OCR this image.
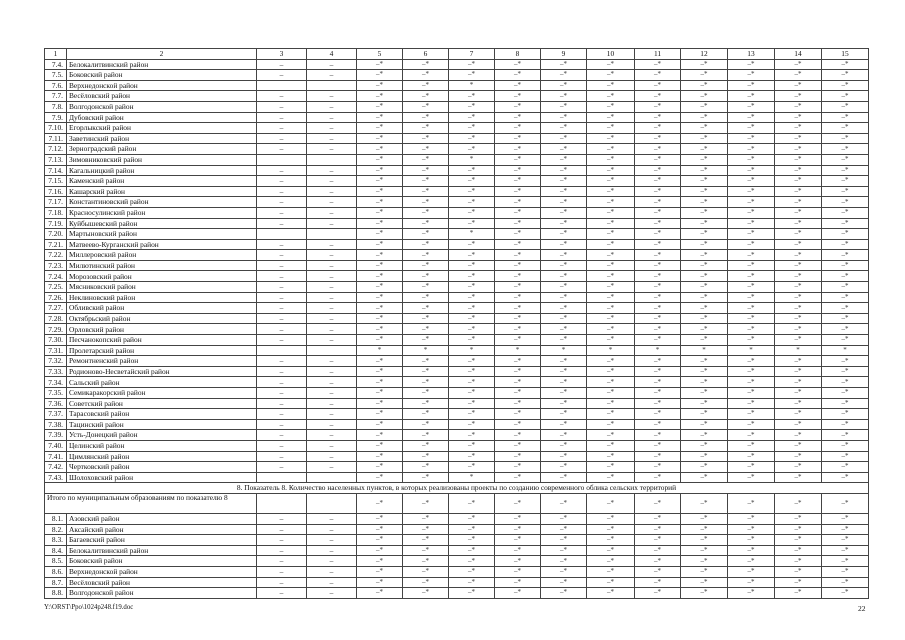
1	2	3	4	5	6	7	8	9	10	11	12	13	14	15
7.4.	Белокалитвинский район	–	–	–*	–*	–*	–*	–*	–*	–*	–*	–*	–*	–*
7.5.	Боковский район	–	–	–*	–*	–*	–*	–*	–*	–*	–*	–*	–*	–*
7.6.	Верхнедонской район			–*	–*	*	–*	–*	–*	–*	–*	–*	–*	–*
7.7.	Весёловский район	–	–	–*	–*	–*	–*	–*	–*	–*	–*	–*	–*	–*
7.8.	Волгодонской район	–	–	–*	–*	–*	–*	–*	–*	–*	–*	–*	–*	–*
7.9.	Дубовский район	–	–	–*	–*	–*	–*	–*	–*	–*	–*	–*	–*	–*
7.10.	Егорлыкский район	–	–	–*	–*	–*	–*	–*	–*	–*	–*	–*	–*	–*
7.11.	Заветинский район	–	–	–*	–*	–*	–*	–*	–*	–*	–*	–*	–*	–*
7.12.	Зерноградский район	–	–	–*	–*	–*	–*	–*	–*	–*	–*	–*	–*	–*
7.13.	Зимовниковский район			–*	–*	*	–*	–*	–*	–*	–*	–*	–*	–*
7.14.	Кагальницкий район	–	–	–*	–*	–*	–*	–*	–*	–*	–*	–*	–*	–*
7.15.	Каменский район	–	–	–*	–*	–*	–*	–*	–*	–*	–*	–*	–*	–*
7.16.	Кашарский район	–	–	–*	–*	–*	–*	–*	–*	–*	–*	–*	–*	–*
7.17.	Константиновский район	–	–	–*	–*	–*	–*	–*	–*	–*	–*	–*	–*	–*
7.18.	Красносулинский район	–	–	–*	–*	–*	–*	–*	–*	–*	–*	–*	–*	–*
7.19.	Куйбышевский район	–	–	–*	–*	–*	–*	–*	–*	–*	–*	–*	–*	–*
7.20.	Мартыновский район			–*	–*	*	–*	–*	–*	–*	–*	–*	–*	–*
7.21.	Матвеево-Курганский район	–	–	–*	–*	–*	–*	–*	–*	–*	–*	–*	–*	–*
7.22.	Миллеровский район	–	–	–*	–*	–*	–*	–*	–*	–*	–*	–*	–*	–*
7.23.	Милютинский район	–	–	–*	–*	–*	–*	–*	–*	–*	–*	–*	–*	–*
7.24.	Морозовский район	–	–	–*	–*	–*	–*	–*	–*	–*	–*	–*	–*	–*
7.25.	Мясниковский район	–	–	–*	–*	–*	–*	–*	–*	–*	–*	–*	–*	–*
7.26.	Неклиновский район	–	–	–*	–*	–*	–*	–*	–*	–*	–*	–*	–*	–*
7.27.	Обливский район	–	–	–*	–*	–*	–*	–*	–*	–*	–*	–*	–*	–*
7.28.	Октябрьский район	–	–	–*	–*	–*	–*	–*	–*	–*	–*	–*	–*	–*
7.29.	Орловский район	–	–	–*	–*	–*	–*	–*	–*	–*	–*	–*	–*	–*
7.30.	Песчанокопский район	–	–	–*	–*	–*	–*	–*	–*	–*	–*	–*	–*	–*
7.31.	Пролетарский район			*	*	*	*	*	*	*	*	*	*	*
7.32.	Ремонтненский район	–	–	–*	–*	–*	–*	–*	–*	–*	–*	–*	–*	–*
7.33.	Родионово-Несветайский район	–	–	–*	–*	–*	–*	–*	–*	–*	–*	–*	–*	–*
7.34.	Сальский район	–	–	–*	–*	–*	–*	–*	–*	–*	–*	–*	–*	–*
7.35.	Семикаракорский район	–	–	–*	–*	–*	–*	–*	–*	–*	–*	–*	–*	–*
7.36.	Советский район	–	–	–*	–*	–*	–*	–*	–*	–*	–*	–*	–*	–*
7.37.	Тарасовский район	–	–	–*	–*	–*	–*	–*	–*	–*	–*	–*	–*	–*
7.38.	Тацинский район	–	–	–*	–*	–*	–*	–*	–*	–*	–*	–*	–*	–*
7.39.	Усть-Донецкий район	–	–	–*	–*	–*	–*	–*	–*	–*	–*	–*	–*	–*
7.40.	Целинский район	–	–	–*	–*	–*	–*	–*	–*	–*	–*	–*	–*	–*
7.41.	Цимлянский район	–	–	–*	–*	–*	–*	–*	–*	–*	–*	–*	–*	–*
7.42.	Чертковский район	–	–	–*	–*	–*	–*	–*	–*	–*	–*	–*	–*	–*
7.43.	Шолоховский район			–*	–*	*	–*	–*	–*	–*	–*	–*	–*	–*
8. Показатель 8. Количество населенных пунктов, в которых реализованы проекты по созданию современного облика сельских территорий														
Итого по муниципальным образованиям по показателю 8				–*	–*	–*	–*	–*	–*	–*	–*	–*	–*	–*
8.1.	Азовский район	–	–	–*	–*	–*	–*	–*	–*	–*	–*	–*	–*	–*
8.2.	Аксайский район	–	–	–*	–*	–*	–*	–*	–*	–*	–*	–*	–*	–*
8.3.	Багаевский район	–	–	–*	–*	–*	–*	–*	–*	–*	–*	–*	–*	–*
8.4.	Белокалитвинский район	–	–	–*	–*	–*	–*	–*	–*	–*	–*	–*	–*	–*
8.5.	Боковский район	–	–	–*	–*	–*	–*	–*	–*	–*	–*	–*	–*	–*
8.6.	Верхнедонской район	–	–	–*	–*	–*	–*	–*	–*	–*	–*	–*	–*	–*
8.7.	Весёловский район	–	–	–*	–*	–*	–*	–*	–*	–*	–*	–*	–*	–*
8.8.	Волгодонской район	–	–	–*	–*	–*	–*	–*	–*	–*	–*	–*	–*	–*
Y:\ORST\Ppo\1024p248.f19.doc	22
